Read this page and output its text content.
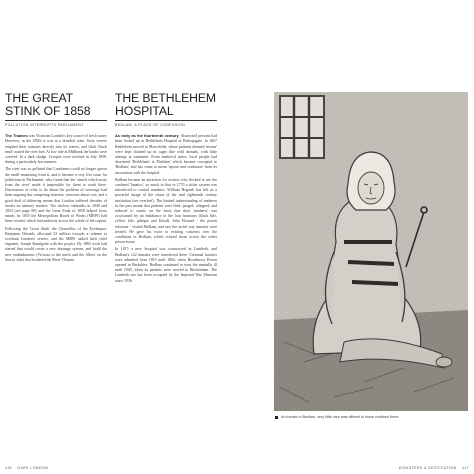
THE GREAT STINK OF 1858
POLLUTION INTERRUPTS PARLIAMENT

The Thames was Victorian London's key source of fresh water. However, in the 1850s it was in a dreadful state. Sixty sewers emptied their contents directly into its waters, and thick 'black mud' coated the river bed. At low tide at Millbank the banks were covered. In a dark sludge. Cesspits were reached in July 1858, during a particularly hot summer.

The river was so polluted that Londoners could no longer ignore the smell emanating from it, and it became a very live issue for politicians in Parliament, who found that the 'stench which arose from the river' made it impossible for them to work there. Discussions of what to do about the problem of sewerage had been ongoing but competing interests, concerns about cost, and a good deal of dithering meant that London suffered decades of inertia on sanitary matters. The cholera outbreaks in 1848 and 1853 (see page 88) and the Great Stink of 1858 helped focus minds. In 1855 the Metropolitan Board of Works (MBW) had been created, which had authority across the whole of the capital.

Following the 'Great Stink' the Chancellor of the Exchequer, Benjamin Disraeli, allocated £3 million towards a scheme to overhaul London's sewers, and the MBW tasked their chief engineer, Joseph Bazalgette with the project. By 1865 work had started that would create a new drainage system, and build the new embankments (Victoria to the north and the Albert on the Surrey side) that bordered the River Thames.

THE BETHLEHEM HOSPITAL
BEDLAM: A PLACE OF CONFUSION

As early as the fourteenth century, 'distracted' persons had been locked up in Bethlehem Hospital at Bishopsgate. In 1667 Bethlehem moved to Moorfields, where patients deemed 'insane' were kept chained up in cages like wild animals, with little attempt at treatment. From medieval times, local people had shortened 'Bethlehem' to 'Bethlem' which became corrupted to 'Bedlam', and has come to mean 'uproar and confusion' from its association with the hospital.

Bedlam became an attraction for visitors who flocked to see the confined 'lunatics', so much so that in 1770 a ticket system was introduced to control numbers. William Hogarth has left us a powerful image of the chaos of the mid eighteenth century institution (see overleaf). The limited understanding of madness in the past meant that patients were bled, purged, whipped, and induced to vomit, on the basis that their 'madness' was occasioned by an imbalance in the four humours (black bile, yellow bile, phlegm and blood). John Howard - the prison reformer - visited Bedlam, and saw the awful way inmates were treated. He gave his voice to existing concerns over the conditions in Bedlam, which echoed those across the wider prison estate.

In 1815 a new hospital was constructed in Lambeth, and Bedlam's 122 inmates were transferred there. Criminal lunatics were admitted from 1815 until 1864, when Broadmoor Prison opened in Berkshire. Bedlam continued to treat the mentally ill until 1930, when its patients were moved to Beckenham. The Lambeth site has been occupied by the Imperial War Museum since 1936.

An inmate in Bedlam, very little care was offered to those confined there.
116 DARK LONDON	DISASTERS & DESTITUTION 117
